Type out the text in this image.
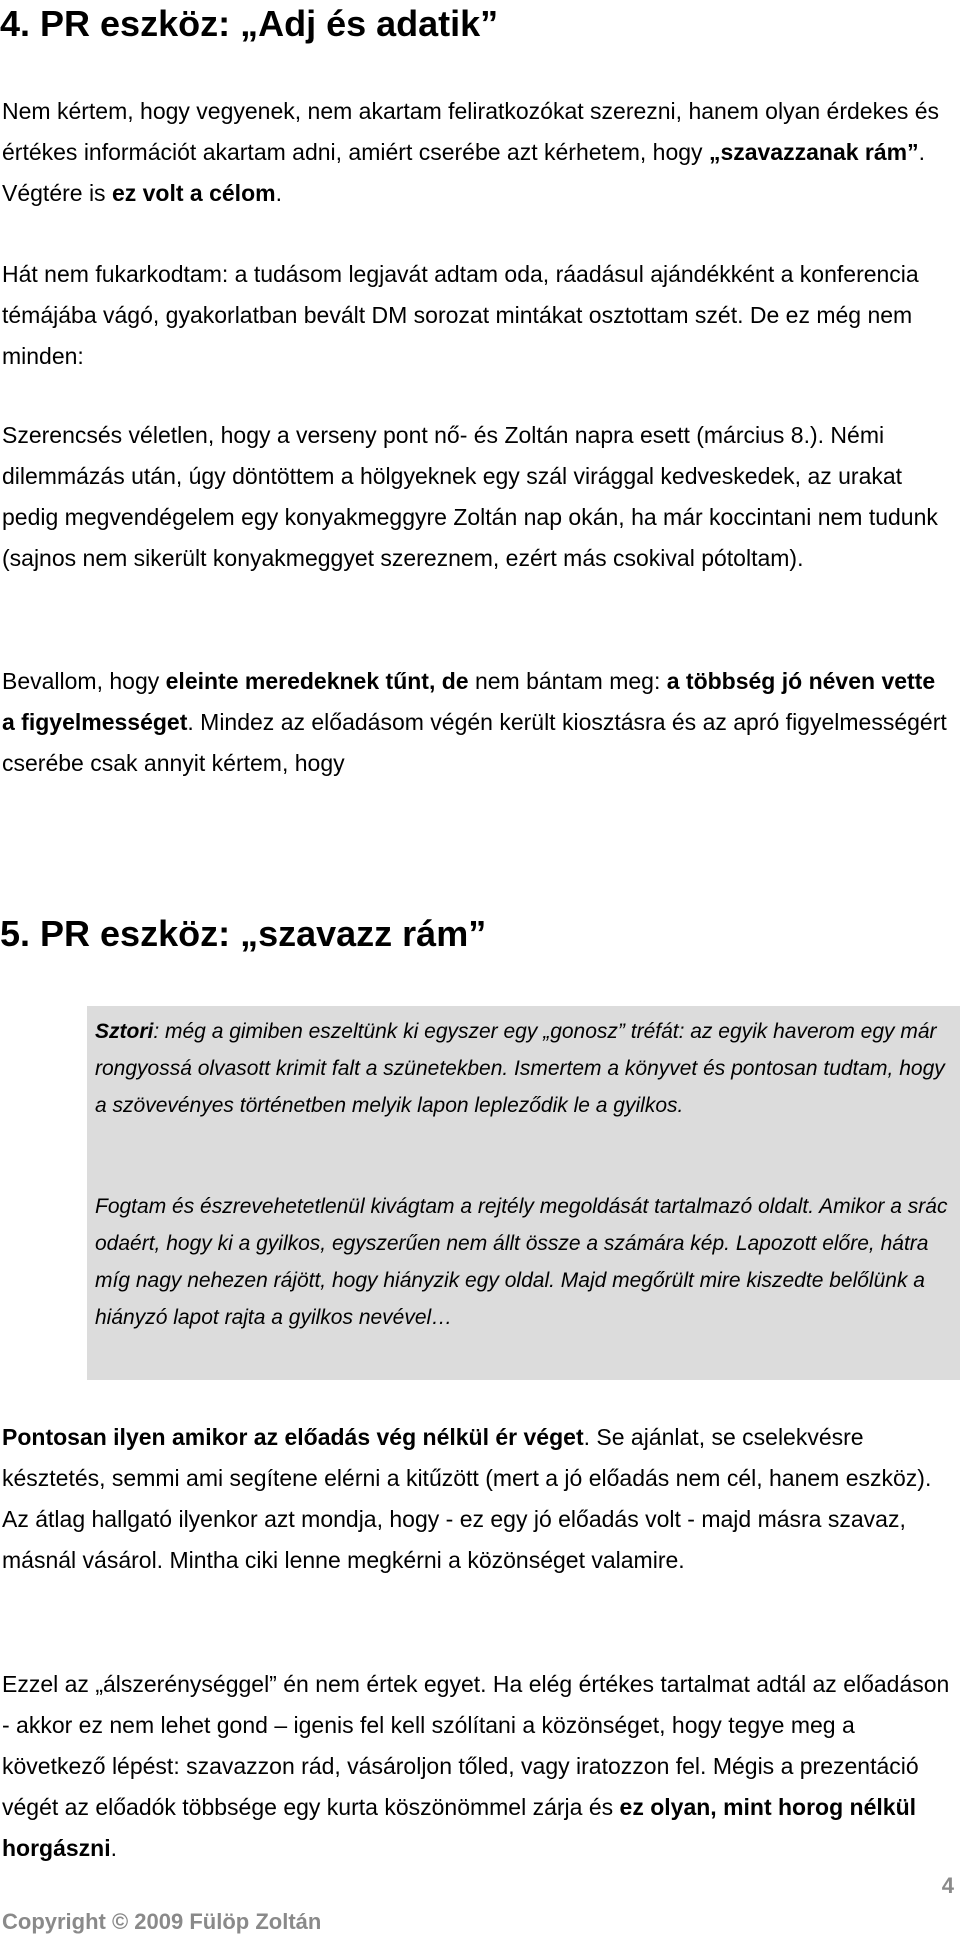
4. PR eszköz: „Adj és adatik”

Nem kértem, hogy vegyenek, nem akartam feliratkozókat szerezni, hanem olyan érdekes és értékes információt akartam adni, amiért cserébe azt kérhetem, hogy „szavazzanak rám”. Végtére is ez volt a célom.

Hát nem fukarkodtam: a tudásom legjavát adtam oda, ráadásul ajándékként a konferencia témájába vágó, gyakorlatban bevált DM sorozat mintákat osztottam szét. De ez még nem minden:

Szerencsés véletlen, hogy a verseny pont nő- és Zoltán napra esett (március 8.). Némi dilemmázás után, úgy döntöttem a hölgyeknek egy szál virággal kedveskedek, az urakat pedig megvendégelem egy konyakmeggyre Zoltán nap okán, ha már koccintani nem tudunk (sajnos nem sikerült konyakmeggyet szereznem, ezért más csokival pótoltam).

Bevallom, hogy eleinte meredeknek tűnt, de nem bántam meg: a többség jó néven vette a figyelmességet. Mindez az előadásom végén került kiosztásra és az apró figyelmességért cserébe csak annyit kértem, hogy

5. PR eszköz: „szavazz rám”

Sztori: még a gimiben eszeltünk ki egyszer egy „gonosz” tréfát: az egyik haverom egy már rongyossá olvasott krimit falt a szünetekben. Ismertem a könyvet és pontosan tudtam, hogy a szövevényes történetben melyik lapon lepleződik le a gyilkos.

Fogtam és észrevehetetlenül kivágtam a rejtély megoldását tartalmazó oldalt. Amikor a srác odaért, hogy ki a gyilkos, egyszerűen nem állt össze a számára kép. Lapozott előre, hátra míg nagy nehezen rájött, hogy hiányzik egy oldal. Majd megőrült mire kiszedte belőlünk a hiányzó lapot rajta a gyilkos nevével…

Pontosan ilyen amikor az előadás vég nélkül ér véget. Se ajánlat, se cselekvésre késztetés, semmi ami segítene elérni a kitűzött (mert a jó előadás nem cél, hanem eszköz). Az átlag hallgató ilyenkor azt mondja, hogy - ez egy jó előadás volt - majd másra szavaz, másnál vásárol. Mintha ciki lenne megkérni a közönséget valamire.

Ezzel az „álszerénységgel” én nem értek egyet. Ha elég értékes tartalmat adtál az előadáson - akkor ez nem lehet gond – igenis fel kell szólítani a közönséget, hogy tegye meg a következő lépést: szavazzon rád, vásároljon tőled, vagy iratozzon fel. Mégis a prezentáció végét az előadók többsége egy kurta köszönömmel zárja és ez olyan, mint horog nélkül horgászni.

4
Copyright © 2009 Fülöp Zoltán
